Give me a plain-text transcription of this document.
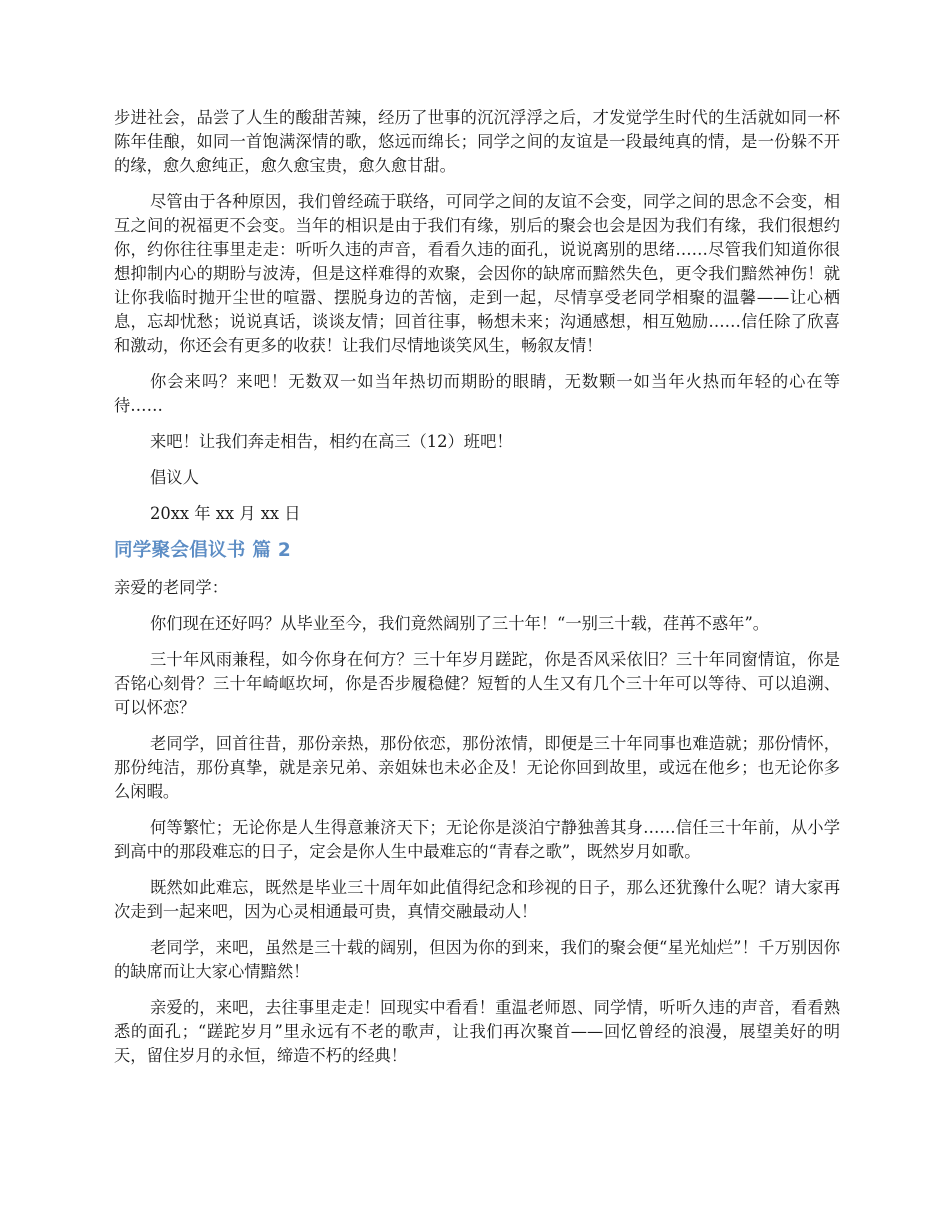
步进社会，品尝了人生的酸甜苦辣，经历了世事的沉沉浮浮之后，才发觉学生时代的生活就如同一杯陈年佳酿，如同一首饱满深情的歌，悠远而绵长；同学之间的友谊是一段最纯真的情，是一份躲不开的缘，愈久愈纯正，愈久愈宝贵，愈久愈甘甜。

尽管由于各种原因，我们曾经疏于联络，可同学之间的友谊不会变，同学之间的思念不会变，相互之间的祝福更不会变。当年的相识是由于我们有缘，别后的聚会也会是因为我们有缘，我们很想约你，约你往往事里走走：听听久违的声音，看看久违的面孔，说说离别的思绪……尽管我们知道你很想抑制内心的期盼与波涛，但是这样难得的欢聚，会因你的缺席而黯然失色，更令我们黯然神伤！就让你我临时抛开尘世的喧嚣、摆脱身边的苦恼，走到一起，尽情享受老同学相聚的温馨——让心栖息，忘却忧愁；说说真话，谈谈友情；回首往事，畅想未来；沟通感想，相互勉励……信任除了欣喜和激动，你还会有更多的收获！让我们尽情地谈笑风生，畅叙友情！

你会来吗？来吧！无数双一如当年热切而期盼的眼睛，无数颗一如当年火热而年轻的心在等待……

来吧！让我们奔走相告，相约在高三（12）班吧！

倡议人

20xx 年 xx 月 xx 日

同学聚会倡议书 篇 2

亲爱的老同学：

你们现在还好吗？从毕业至今，我们竟然阔别了三十年！“一别三十载，荏苒不惑年”。

三十年风雨兼程，如今你身在何方？三十年岁月蹉跎，你是否风采依旧？三十年同窗情谊，你是否铭心刻骨？三十年崎岖坎坷，你是否步履稳健？短暂的人生又有几个三十年可以等待、可以追溯、可以怀恋？

老同学，回首往昔，那份亲热，那份依恋，那份浓情，即便是三十年同事也难造就；那份情怀，那份纯洁，那份真挚，就是亲兄弟、亲姐妹也未必企及！无论你回到故里，或远在他乡；也无论你多么闲暇。

何等繁忙；无论你是人生得意兼济天下；无论你是淡泊宁静独善其身……信任三十年前，从小学到高中的那段难忘的日子，定会是你人生中最难忘的“青春之歌”，既然岁月如歌。

既然如此难忘，既然是毕业三十周年如此值得纪念和珍视的日子，那么还犹豫什么呢？请大家再次走到一起来吧，因为心灵相通最可贵，真情交融最动人！

老同学，来吧，虽然是三十载的阔别，但因为你的到来，我们的聚会便“星光灿烂”！千万别因你的缺席而让大家心情黯然！

亲爱的，来吧，去往事里走走！回现实中看看！重温老师恩、同学情，听听久违的声音，看看熟悉的面孔；“蹉跎岁月”里永远有不老的歌声，让我们再次聚首——回忆曾经的浪漫，展望美好的明天，留住岁月的永恒，缔造不朽的经典！
